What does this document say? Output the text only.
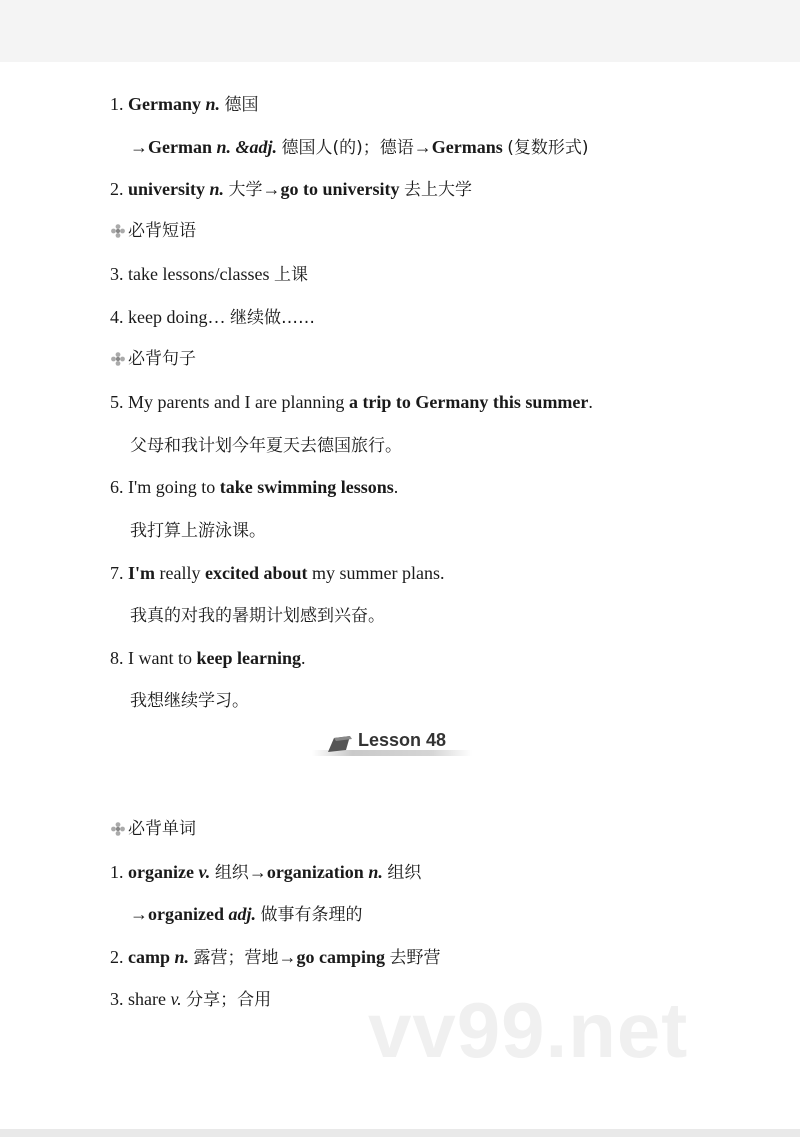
1. Germany n. 德国
→German n. &adj. 德国人(的)；德语→Germans (复数形式)
2. university n. 大学→go to university 去上大学
必背短语
3. take lessons/classes 上课
4. keep doing… 继续做……
必背句子
5. My parents and I are planning a trip to Germany this summer.
父母和我计划今年夏天去德国旅行。
6. I'm going to take swimming lessons.
我打算上游泳课。
7. I'm really excited about my summer plans.
我真的对我的暑期计划感到兴奋。
8. I want to keep learning.
我想继续学习。
Lesson 48
必背单词
1. organize v. 组织→organization n. 组织
→organized adj. 做事有条理的
2. camp n. 露营；营地→go camping 去野营
3. share v. 分享；合用 vv99.net
